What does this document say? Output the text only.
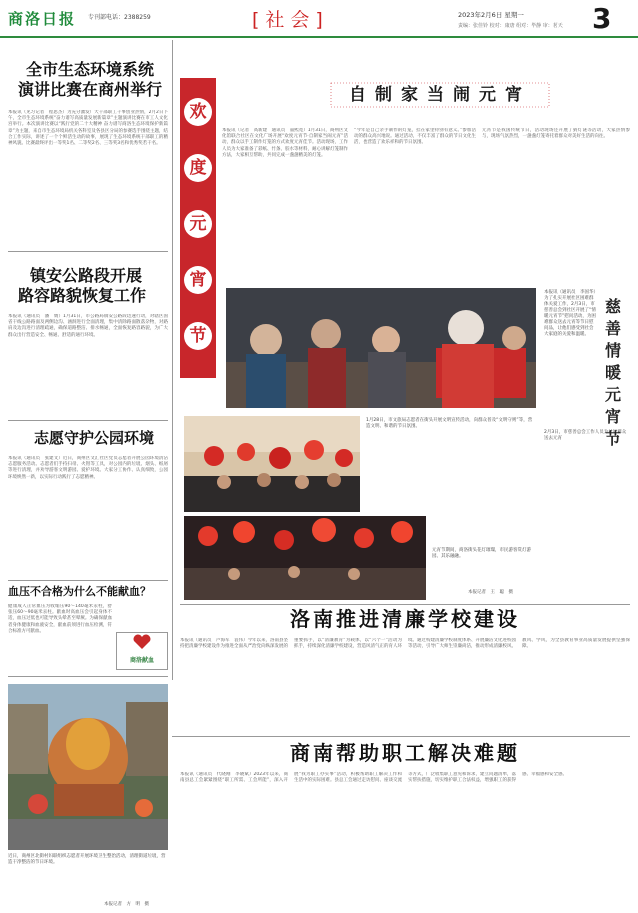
商洛日报 专刊部电话：2388259	[社会]	2023年2月6日 星期一
责编：张佳铃 校对：康唐 组对：毕静 审：茗天 3
全市生态环境系统
演讲比赛在商州举行
本报讯（见习记者　程思杰）为充分激发广大干部职工干事创业热情，2月2日下午，全市生态环境系统“奋力谱写高质量发展新篇章”主题演讲比赛在市工人文化宫举行。本次演讲比赛以“践行党的二十大精神 奋力谱写商洛生态环境保护新篇章”为主题，来自市生态环境局机关各科室及各县区分局的参赛选手围绕主题，结合工作实际，讲述了一个个鲜活生动的故事，展现了生态环境系统干部职工的精神风貌。比赛最终评出一等奖1名、二等奖2名、三等奖3名和优秀奖若干名。
镇安公路段开展
路容路貌恢复工作
本报讯（通讯员　潘　婧）1月31日，市公路局镇安公路段迅速行动，对辖区国省干线公路路面及两侧边沟、涵洞进行全面清理，集中清除路面散落杂物，对路肩及边沟进行清理疏通，确保道路整洁、排水畅通，全面恢复路容路貌，为广大群众出行营造安全、畅通、舒适的通行环境。
志愿守护公园环境
本报讯（通讯员　张建文）近日，商州区文汇社区党员志愿者开展公园环境清洁志愿服务活动。志愿者们手持扫帚、火钳等工具，对公园内的垃圾、烟头、纸屑等进行清理，并劝导游客文明游园、爱护环境。大家分工协作、认真细致，公园环境焕然一新，以实际行动践行了志愿精神。
血压不合格为什么不能献血？
健康成人正常血压为收缩压90～140毫米汞柱，舒张压60～90毫米汞柱。献血时高血压会引起身体不适，血压过低也可能导致头晕甚至晕厥。为确保献血者身体健康和血液安全，献血前须进行血压检测，符合标准方可献血。
商洛献血
近日，商州区北街村妇联组织志愿者开展环境卫生整治活动，清理街道垃圾，营造干净整洁的节日环境。
本报记者　方　明　摄
欢
度
元
宵
节
自制家当闹元宵
本报讯（记者　高新建　通讯员　董熙宽）1月31日，商州区文化馆联合社区在文化广场开展“欢度元宵节·自制家当闹元宵”活动，群众以手工制作灯笼的方式欢度元宵佳节。活动现场，工作人员为大家准备了彩纸、竹条、胶水等材料，耐心讲解灯笼制作方法，大家相互帮助，共同完成一盏盏精美的灯笼。
“今年是自己亲手制作的灯笼，挂在家里特别有意义。”参加活动的群众高兴地说。通过活动，不仅丰富了群众的节日文化生活，也营造了欢乐祥和的节日氛围。
元宵节是我国传统节日，活动现场还开展了猜灯谜等活动，大家热情参与，现场气氛热烈，一盏盏灯笼寄托着群众对美好生活的向往。
本报讯（通讯员　李国华）为了扎实开展社区困难群体关爱工作，2月3日，市慈善总会到社区开展了“情暖元宵节”慰问活动，为困难群众送去元宵等节日慰问品，让他们感受到社会大家庭的关爱和温暖。
慈
善
情
暖
元
宵
节
2月3日，市慈善总会工作人员为社区群众送去元宵
1月28日，市文旅局志愿者在街头开展文明宣传活动，向群众普及“文明守则”等，营造文明、和谐的节日氛围。
元宵节期间，商洛街头花灯璀璨，市民游客赏灯游园、其乐融融。
本报记者　王　聪　摄
洛南推进清廉学校建设
本报讯（通讯员　卢海军　袁伟）今年以来，洛南县坚持把清廉学校建设作为推进全面从严治党向纵深发展的重要抓手，以“清廉教育”为载体，以“六个一”活动为抓手，持续深化清廉学校建设，营造风清气正的育人环境。通过构建清廉学校制度体系、开展廉洁文化进校园等活动，引导广大师生崇廉尚洁，推动形成清廉校风、教风、学风，为全县教育事业高质量发展提供坚强保障。
商南帮助职工解决难题
本报讯（通讯员　代晓刚　李晓斌）2023年以来，商南县总工会紧紧围绕“职工所需、工会所能”，深入开展“我为职工办实事”活动，积极帮助职工解决工作和生活中的实际困难。县总工会通过走访慰问、座谈交流等方式，广泛收集职工意见和诉求，建立问题清单，落实帮扶措施，切实维护职工合法权益，增强职工的获得感、幸福感和安全感。
